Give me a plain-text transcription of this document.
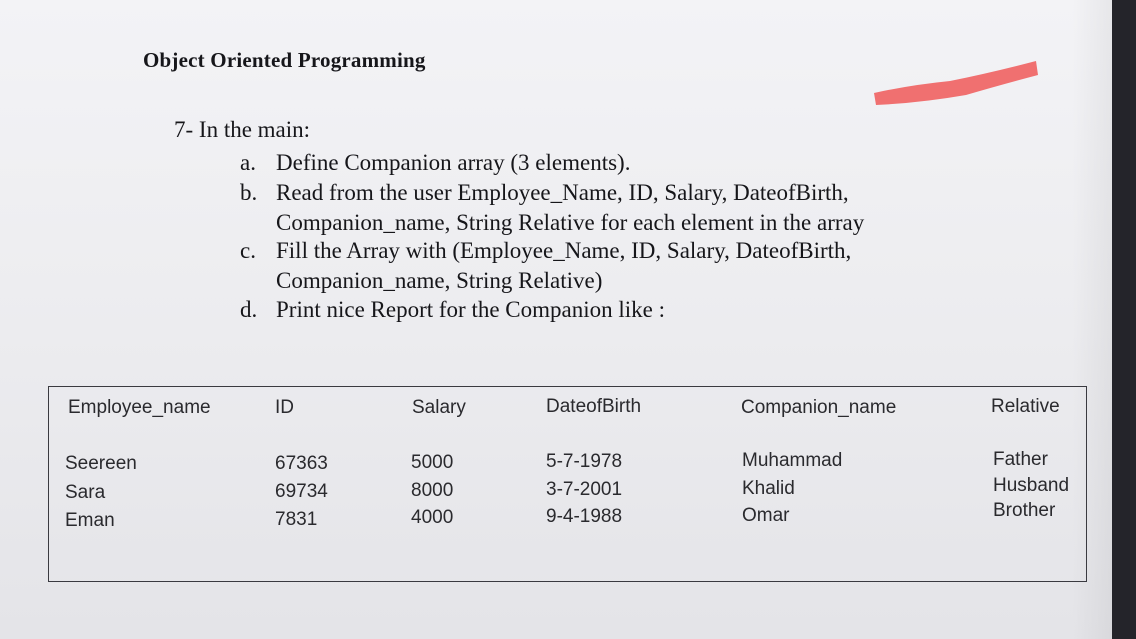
Object Oriented Programming
7- In the main:
a. Define Companion array (3 elements).
b. Read from the user Employee_Name, ID, Salary, DateofBirth,
Companion_name, String Relative for each element in the array
c. Fill the Array with (Employee_Name, ID, Salary, DateofBirth,
Companion_name, String Relative)
d. Print nice Report for the Companion like :
Employee_name	ID	Salary	DateofBirth	Companion_name	Relative
Seereen	67363	5000	5-7-1978	Muhammad	Father
Sara	69734	8000	3-7-2001	Khalid	Husband
Eman	7831	4000	9-4-1988	Omar	Brother
